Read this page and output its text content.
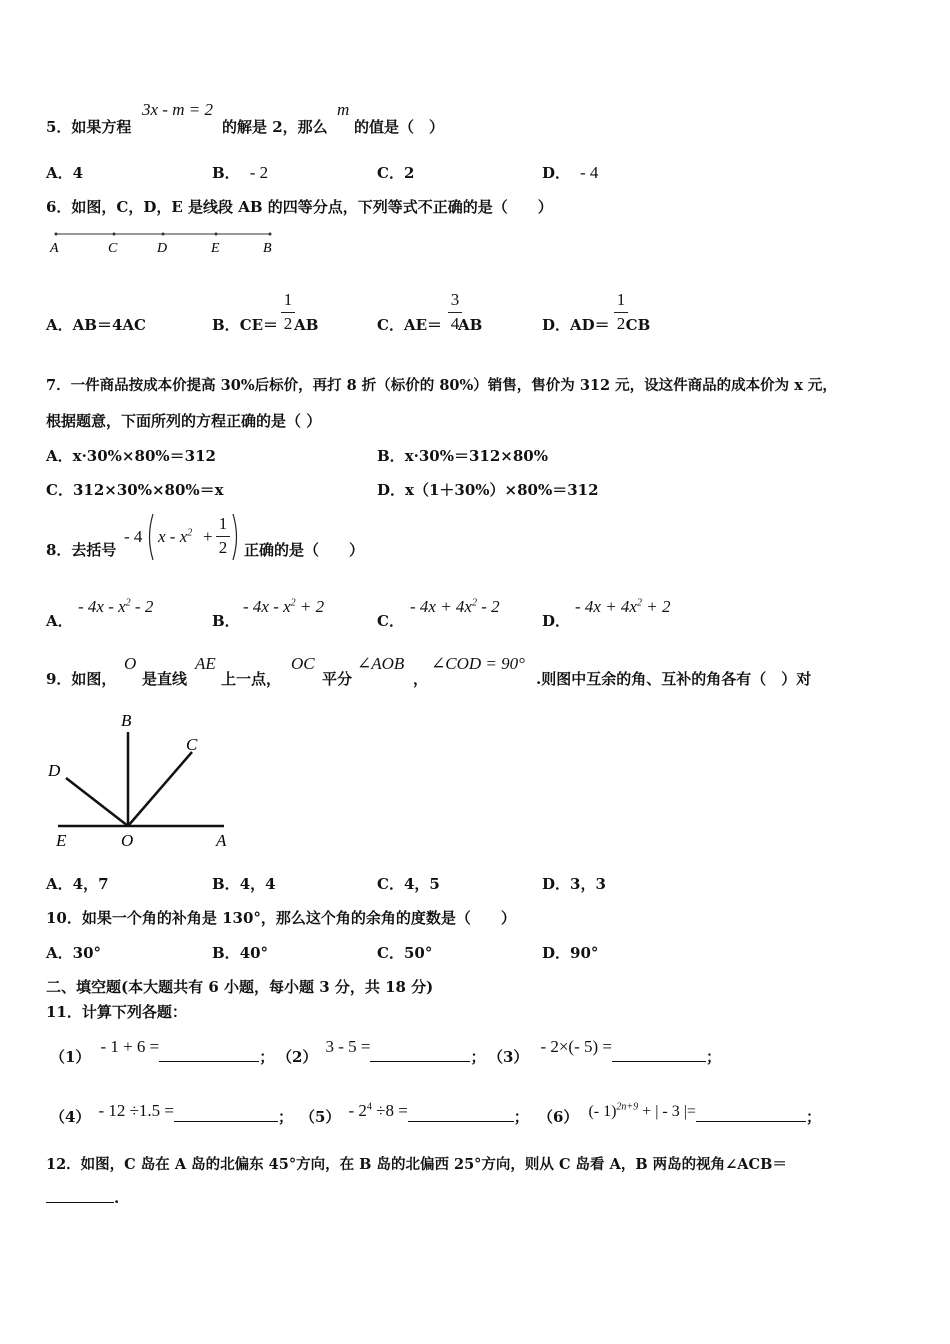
5．如果方程
3x - m = 2
的解是 2，那么
m
的值是（　）
A．4	B． - 2	C．2	D． - 4
6．如图，C，D，E 是线段 AB 的四等分点，下列等式不正确的是（　　）
A	C	D	E	B
A．AB＝4AC	B．CE＝ AB
1
2	C．AE＝ AB
3
4	D．AD＝ CB
1
2
7．一件商品按成本价提高 30%后标价，再打 8 折（标价的 80%）销售，售价为 312 元，设这件商品的成本价为 x 元，
根据题意，下面所列的方程正确的是（ ）
A．x·30%×80%＝312	B．x·30%＝312×80%
C．312×30%×80%＝x	D．x（1＋30%）×80%＝312
8．去括号
- 4 x - $x^2$ +
1
2 正确的是（　　）
A．
- $4x - x^2 - 2$
B．
- $4x - x^2 + 2$
C．
- $4x + 4x^2 - 2$
D．
- $4x + 4x^2 + 2$
9．如图，
O
是直线
AE
上一点，
OC
平分
∠AOB
，
∠COD = 90°
.则图中互余的角、互补的角各有（　）对
B
C
D
E	O	A
A．4，7	B．4，4	C．4，5	D．3，3
10．如果一个角的补角是 130°，那么这个角的余角的度数是（　　）
A．30°	B．40°	C．50°	D．90°
二、填空题(本大题共有 6 小题，每小题 3 分，共 18 分)
11．计算下列各题：
（1）- 1 + 6 =； （2）3 - 5 =； （3）- 2×(- 5) =；
（4） - 12 ÷1.5 =	； $(5) - 2^4 \div 8$ =	； （6） (- 1)$^{2n+9}$ + | - 3 |=	；
12．如图，C 岛在 A 岛的北偏东 45°方向，在 B 岛的北偏西 25°方向，则从 C 岛看 A，B 两岛的视角∠ACB＝
.
